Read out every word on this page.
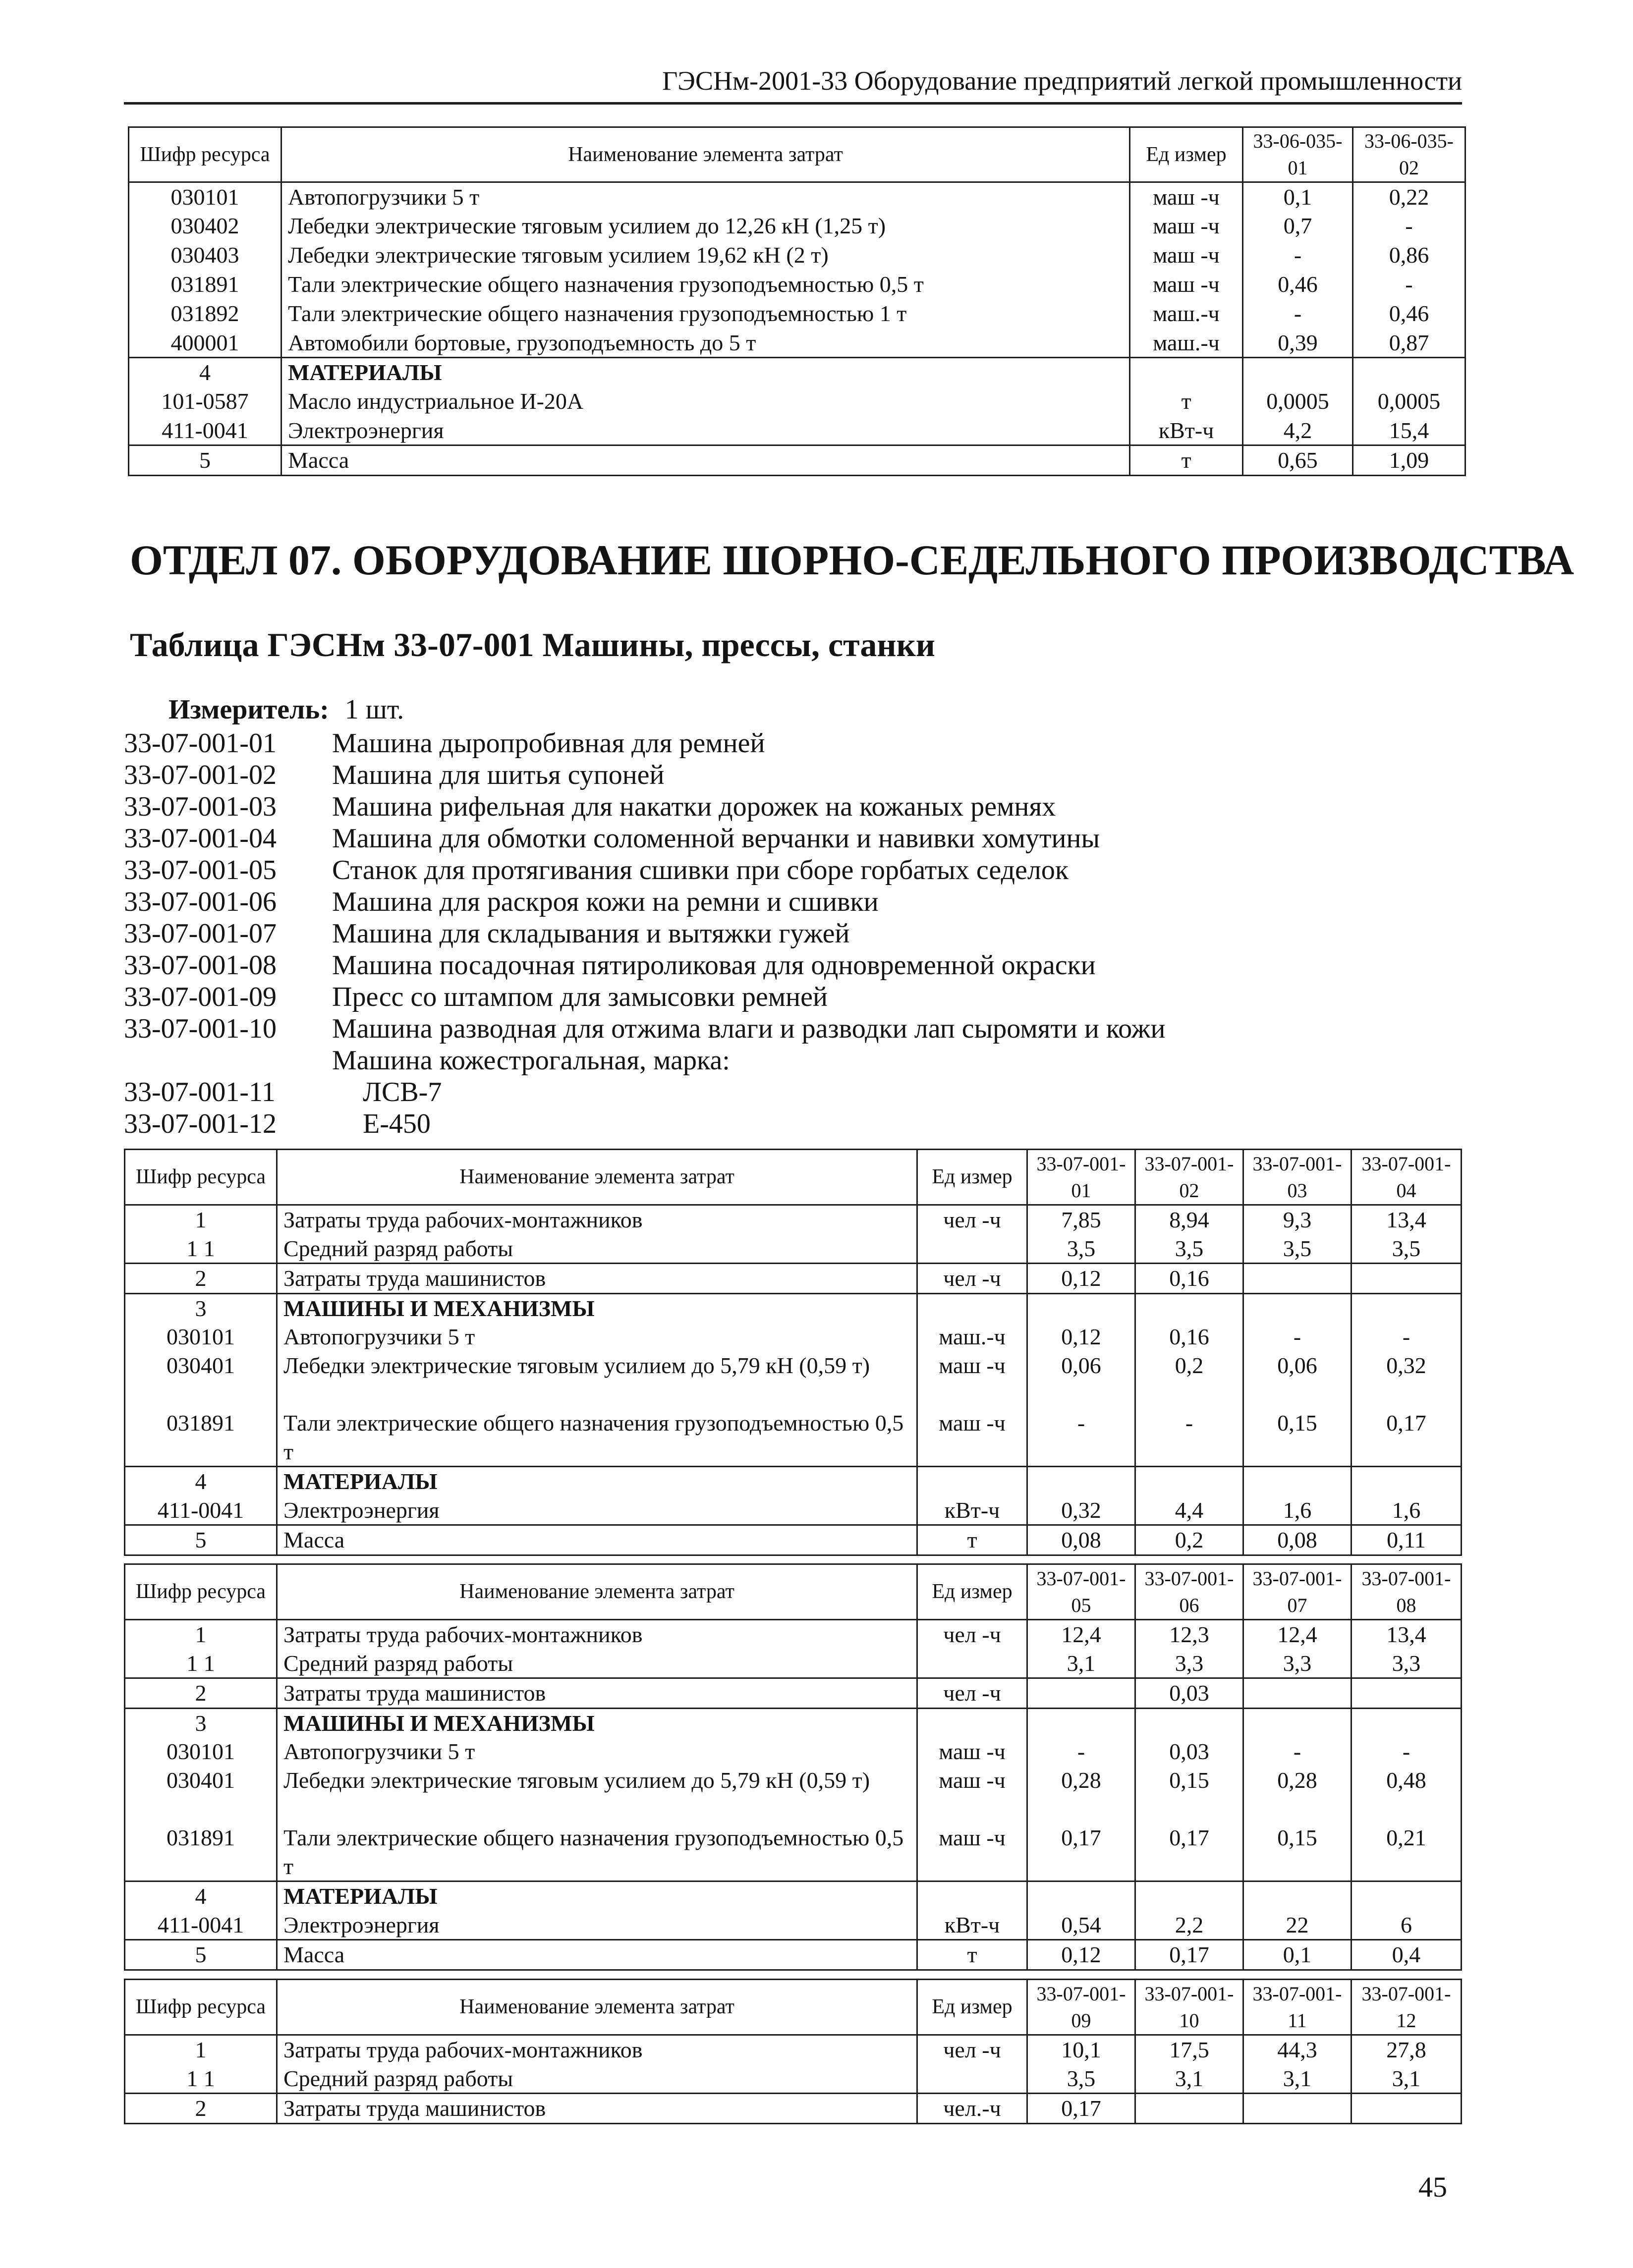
ГЭСНм-2001-33 Оборудование предприятий легкой промышленности
Шифр ресурса	Наименование элемента затрат	Ед измер	33-06-035-01	33-06-035-02
030101	Автопогрузчики 5 т	маш -ч	0,1	0,22
030402	Лебедки электрические тяговым усилием до 12,26 кН (1,25 т)	маш -ч	0,7	-
030403	Лебедки электрические тяговым усилием 19,62 кН (2 т)	маш -ч	-	0,86
031891	Тали электрические общего назначения грузоподъемностью 0,5 т	маш -ч	0,46	-
031892	Тали электрические общего назначения грузоподъемностью 1 т	маш.-ч	-	0,46
400001	Автомобили бортовые, грузоподъемность до 5 т	маш.-ч	0,39	0,87
4	МАТЕРИАЛЫ			
101-0587	Масло индустриальное И-20А	т	0,0005	0,0005
411-0041	Электроэнергия	кВт-ч	4,2	15,4
5	Масса	т	0,65	1,09
ОТДЕЛ 07. ОБОРУДОВАНИЕ ШОРНО-СЕДЕЛЬНОГО ПРОИЗВОДСТВА
Таблица ГЭСНм 33-07-001 Машины, прессы, станки
Измеритель: 1 шт.
33-07-001-01	Машина дыропробивная для ремней
33-07-001-02	Машина для шитья супоней
33-07-001-03	Машина рифельная для накатки дорожек на кожаных ремнях
33-07-001-04	Машина для обмотки соломенной верчанки и навивки хомутины
33-07-001-05	Станок для протягивания сшивки при сборе горбатых седелок
33-07-001-06	Машина для раскроя кожи на ремни и сшивки
33-07-001-07	Машина для складывания и вытяжки гужей
33-07-001-08	Машина посадочная пятироликовая для одновременной окраски
33-07-001-09	Пресс со штампом для замысовки ремней
33-07-001-10	Машина разводная для отжима влаги и разводки лап сыромяти и кожи
Машина кожестрогальная, марка:
33-07-001-11	ЛСВ-7
33-07-001-12	Е-450
Шифр ресурса	Наименование элемента затрат	Ед измер	33-07-001-01	33-07-001-02	33-07-001-03	33-07-001-04
1	Затраты труда рабочих-монтажников	чел -ч	7,85	8,94	9,3	13,4
1 1	Средний разряд работы		3,5	3,5	3,5	3,5
2	Затраты труда машинистов	чел -ч	0,12	0,16		
3	МАШИНЫ И МЕХАНИЗМЫ					
030101	Автопогрузчики 5 т	маш.-ч	0,12	0,16	-	-
030401	Лебедки электрические тяговым усилием до 5,79 кН (0,59 т)	маш -ч	0,06	0,2	0,06	0,32
031891	Тали электрические общего назначения грузоподъемностью 0,5 т	маш -ч	-	-	0,15	0,17
4	МАТЕРИАЛЫ					
411-0041	Электроэнергия	кВт-ч	0,32	4,4	1,6	1,6
5	Масса	т	0,08	0,2	0,08	0,11
Шифр ресурса	Наименование элемента затрат	Ед измер	33-07-001-05	33-07-001-06	33-07-001-07	33-07-001-08
1	Затраты труда рабочих-монтажников	чел -ч	12,4	12,3	12,4	13,4
1 1	Средний разряд работы		3,1	3,3	3,3	3,3
2	Затраты труда машинистов	чел -ч		0,03		
3	МАШИНЫ И МЕХАНИЗМЫ					
030101	Автопогрузчики 5 т	маш -ч	-	0,03	-	-
030401	Лебедки электрические тяговым усилием до 5,79 кН (0,59 т)	маш -ч	0,28	0,15	0,28	0,48
031891	Тали электрические общего назначения грузоподъемностью 0,5 т	маш -ч	0,17	0,17	0,15	0,21
4	МАТЕРИАЛЫ					
411-0041	Электроэнергия	кВт-ч	0,54	2,2	22	6
5	Масса	т	0,12	0,17	0,1	0,4
Шифр ресурса	Наименование элемента затрат	Ед измер	33-07-001-09	33-07-001-10	33-07-001-11	33-07-001-12
1	Затраты труда рабочих-монтажников	чел -ч	10,1	17,5	44,3	27,8
1 1	Средний разряд работы		3,5	3,1	3,1	3,1
2	Затраты труда машинистов	чел.-ч	0,17			
45
